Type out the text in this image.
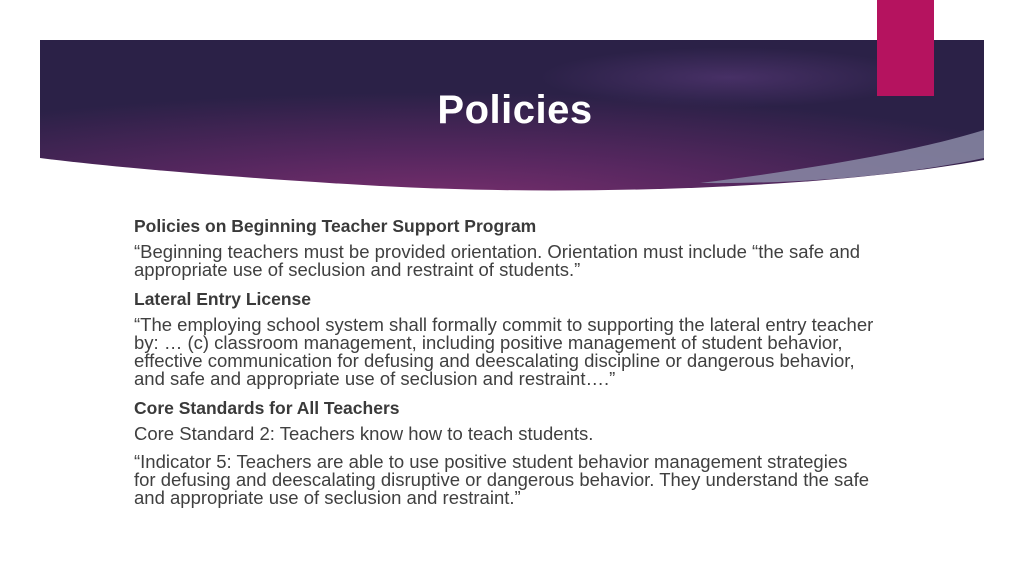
Policies
Policies on Beginning Teacher Support Program
“Beginning teachers must be provided orientation. Orientation must include “the safe and appropriate use of seclusion and restraint of students.”
Lateral Entry License
“The employing school system shall formally commit to supporting the lateral entry teacher by: … (c) classroom management, including positive management of student behavior, effective communication for defusing and deescalating discipline or dangerous behavior, and safe and appropriate use of seclusion and restraint….”
Core Standards for All Teachers
Core Standard 2: Teachers know how to teach students.
“Indicator 5: Teachers are able to use positive student behavior management strategies for defusing and deescalating disruptive or dangerous behavior. They understand the safe and appropriate use of seclusion and restraint.”
